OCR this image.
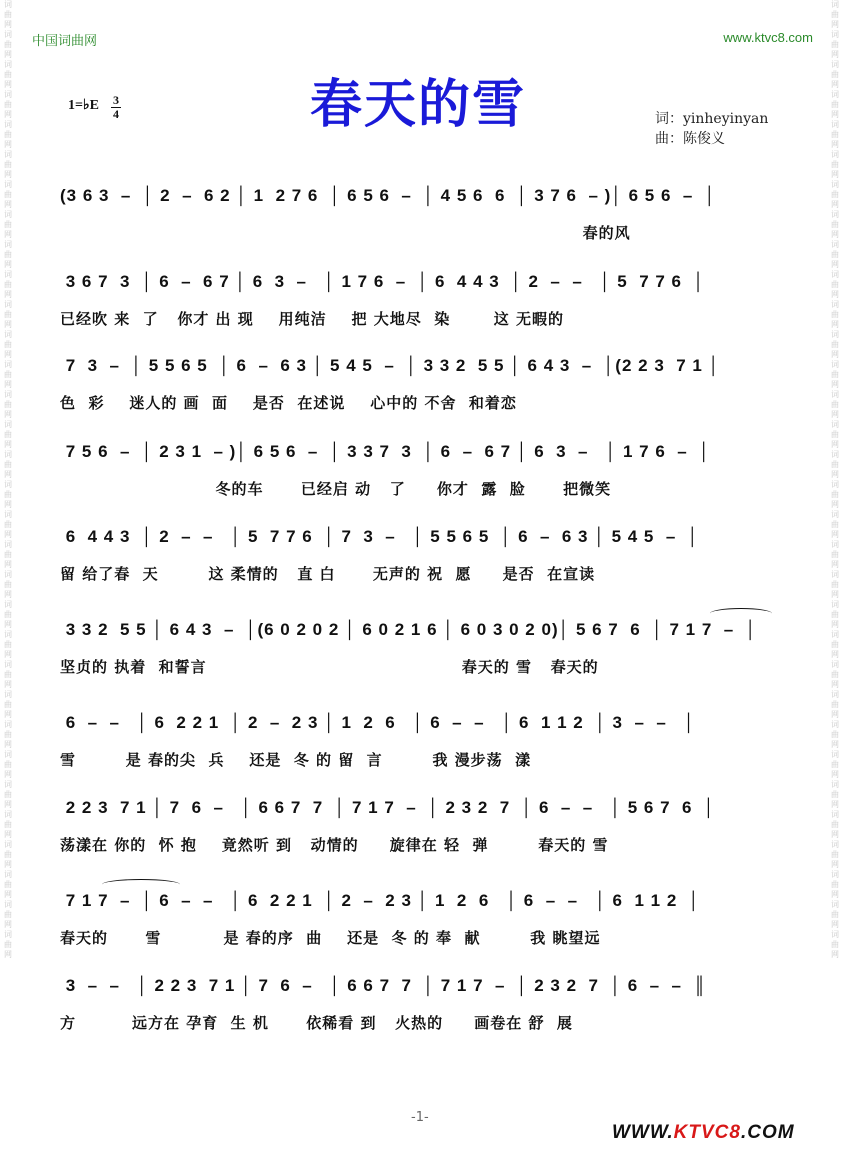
词曲网词曲网词曲网词曲网词曲网词曲网词曲网词曲网词曲网词曲网词曲网词曲网词曲网词曲网词曲网词曲网词曲网词曲网词曲网词曲网词曲网词曲网词曲网词曲网词曲网词曲网词曲网词曲网词曲网词曲网词曲网词曲网
词曲网词曲网词曲网词曲网词曲网词曲网词曲网词曲网词曲网词曲网词曲网词曲网词曲网词曲网词曲网词曲网词曲网词曲网词曲网词曲网词曲网词曲网词曲网词曲网词曲网词曲网词曲网词曲网词曲网词曲网词曲网词曲网
中国词曲网	www.ktvc8.com
春天的雪
1=♭E 3
4	词：yinheyinyan
曲：陈俊义
(3 6 3  –  │ 2  –  6 2 │ 1  2 7 6  │ 6 5 6  –  │ 4 5 6  6  │ 3 7 6  – )│ 6 5 6  –  │
春的风
3 6 7  3  │ 6  –  6 7 │ 6  3  –   │ 1 7 6  –  │ 6  4 4 3  │ 2  –  –   │ 5  7 7 6  │
已经吹 来  了   你才 出 现    用纯洁    把 大地尽  染       这 无暇的
7  3  –  │ 5 5 6 5  │ 6  –  6 3 │ 5 4 5  –  │ 3 3 2  5 5 │ 6 4 3  –  │(2 2 3  7 1 │
色  彩    迷人的 画  面    是否  在述说    心中的 不舍  和着恋
7 5 6  –  │ 2 3 1  – )│ 6 5 6  –  │ 3 3 7  3  │ 6  –  6 7 │ 6  3  –   │ 1 7 6  –  │
冬的车      已经启 动   了     你才  露  脸      把微笑
6  4 4 3  │ 2  –  –   │ 5  7 7 6  │ 7  3  –   │ 5 5 6 5  │ 6  –  6 3 │ 5 4 5  –  │
留 给了春  天        这 柔情的   直 白      无声的 祝  愿     是否  在宣读
3 3 2  5 5 │ 6 4 3  –  │(6 0 2 0 2 │ 6 0 2 1 6 │ 6 0 3 0 2 0)│ 5 6 7  6  │ 7 1 7  –  │
坚贞的 执着  和誓言                                         春天的 雪   春天的
6  –  –   │ 6  2 2 1  │ 2  –  2 3 │ 1  2  6   │ 6  –  –   │ 6  1 1 2  │ 3  –  –   │
雪        是 春的尖  兵    还是  冬 的 留  言        我 漫步荡  漾
2 2 3  7 1 │ 7  6  –   │ 6 6 7  7  │ 7 1 7  –  │ 2 3 2  7  │ 6  –  –   │ 5 6 7  6  │
荡漾在 你的  怀 抱    竟然听 到   动情的     旋律在 轻  弹        春天的 雪
7 1 7  –  │ 6  –  –   │ 6  2 2 1  │ 2  –  2 3 │ 1  2  6   │ 6  –  –   │ 6  1 1 2  │
春天的      雪          是 春的序  曲    还是  冬 的 奉  献        我 眺望远
3  –  –   │ 2 2 3  7 1 │ 7  6  –   │ 6 6 7  7  │ 7 1 7  –  │ 2 3 2  7  │ 6  –  –  ║
方         远方在 孕育  生 机      依稀看 到   火热的     画卷在 舒  展
-1-
WWW.KTVC8.COM
